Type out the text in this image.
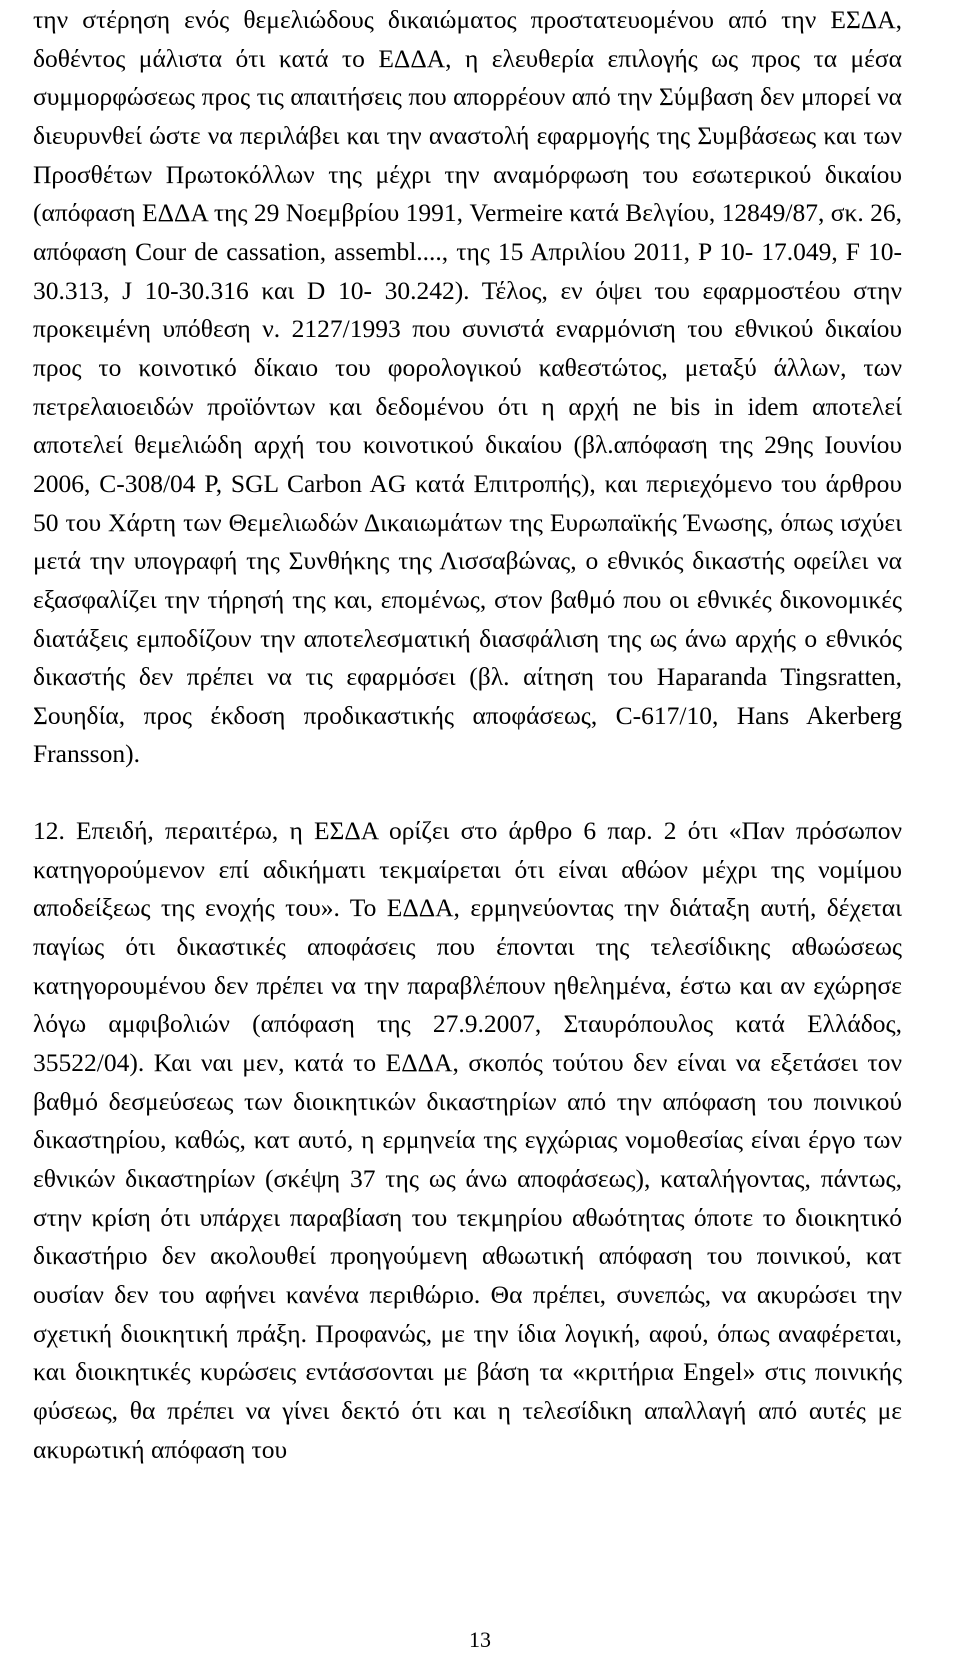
την στέρηση ενός θεμελιώδους δικαιώματος προστατευομένου από την ΕΣΔΑ, δοθέντος μάλιστα ότι κατά το ΕΔΔΑ, η ελευθερία επιλογής ως προς τα μέσα συμμορφώσεως προς τις απαιτήσεις που απορρέουν από την Σύμβαση δεν μπορεί να διευρυνθεί ώστε να περιλάβει και την αναστολή εφαρμογής της Συμβάσεως και των Προσθέτων Πρωτοκόλλων της μέχρι την αναμόρφωση του εσωτερικού δικαίου (απόφαση ΕΔΔΑ της 29 Νοεμβρίου 1991, Vermeire κατά Βελγίου, 12849/87, σκ. 26, απόφαση Cour de cassation, assembl...., της 15 Απριλίου 2011, P 10- 17.049, F 10-30.313, J 10-30.316 και D 10- 30.242). Τέλος, εν όψει του εφαρμοστέου στην προκειμένη υπόθεση ν. 2127/1993 που συνιστά εναρμόνιση του εθνικού δικαίου προς το κοινοτικό δίκαιο του φορολογικού καθεστώτος, μεταξύ άλλων, των πετρελαιοειδών προϊόντων και δεδομένου ότι η αρχή ne bis in idem αποτελεί αποτελεί θεμελιώδη αρχή του κοινοτικού δικαίου (βλ.απόφαση της 29ης Ιουνίου 2006, C-308/04 P, SGL Carbon AG κατά Επιτροπής), και περιεχόμενο του άρθρου 50 του Χάρτη των Θεμελιωδών Δικαιωμάτων της Ευρωπαϊκής Ένωσης, όπως ισχύει μετά την υπογραφή της Συνθήκης της Λισσαβώνας, ο εθνικός δικαστής οφείλει να εξασφαλίζει την τήρησή της και, επομένως, στον βαθμό που οι εθνικές δικονομικές διατάξεις εμποδίζουν την αποτελεσματική διασφάλιση της ως άνω αρχής ο εθνικός δικαστής δεν πρέπει να τις εφαρμόσει (βλ. αίτηση του Haparanda Tingsratten, Σουηδία, προς έκδοση προδικαστικής αποφάσεως, C-617/10, Hans Akerberg Fransson).

12. Επειδή, περαιτέρω, η ΕΣΔΑ ορίζει στο άρθρο 6 παρ. 2 ότι «Παν πρόσωπον κατηγορούμενον επί αδικήματι τεκμαίρεται ότι είναι αθώον μέχρι της νομίμου αποδείξεως της ενοχής του». Το ΕΔΔΑ, ερμηνεύοντας την διάταξη αυτή, δέχεται παγίως ότι δικαστικές αποφάσεις που έπονται της τελεσίδικης αθωώσεως κατηγορουμένου δεν πρέπει να την παραβλέπουν ηθεληµένα, έστω και αν εχώρησε λόγω αμφιβολιών (απόφαση της 27.9.2007, Σταυρόπουλος κατά Ελλάδος, 35522/04). Και ναι μεν, κατά το ΕΔΔΑ, σκοπός τούτου δεν είναι να εξετάσει τον βαθμό δεσμεύσεως των διοικητικών δικαστηρίων από την απόφαση του ποινικού δικαστηρίου, καθώς, κατ αυτό, η ερμηνεία της εγχώριας νομοθεσίας είναι έργο των εθνικών δικαστηρίων (σκέψη 37 της ως άνω αποφάσεως), καταλήγοντας, πάντως, στην κρίση ότι υπάρχει παραβίαση του τεκμηρίου αθωότητας όποτε το διοικητικό δικαστήριο δεν ακολουθεί προηγούμενη αθωωτική απόφαση του ποινικού, κατ ουσίαν δεν του αφήνει κανένα περιθώριο. Θα πρέπει, συνεπώς, να ακυρώσει την σχετική διοικητική πράξη. Προφανώς, με την ίδια λογική, αφού, όπως αναφέρεται, και διοικητικές κυρώσεις εντάσσονται με βάση τα «κριτήρια Engel» στις ποινικής φύσεως, θα πρέπει να γίνει δεκτό ότι και η τελεσίδικη απαλλαγή από αυτές με ακυρωτική απόφαση του

13
